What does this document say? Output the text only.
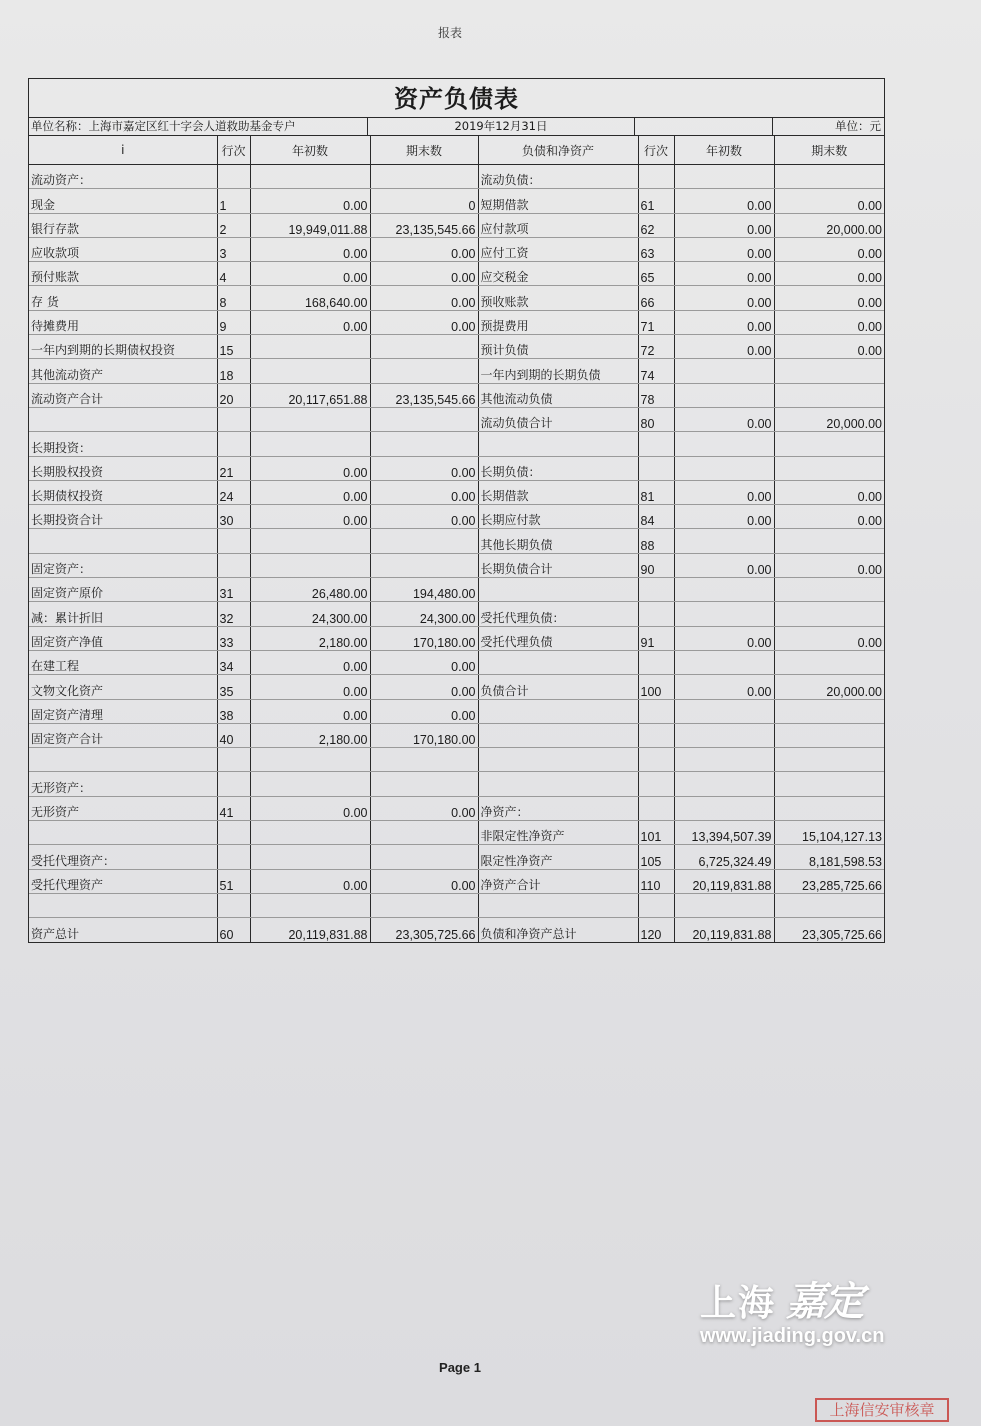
报表
资产负债表
单位名称：上海市嘉定区红十字会人道救助基金专户	2019年12月31日	单位：元
i	行次	年初数	期末数	负债和净资产	行次	年初数	期末数
流动资产：				流动负债：			
现金	1	0.00	0	短期借款	61	0.00	0.00
银行存款	2	19,949,011.88	23,135,545.66	应付款项	62	0.00	20,000.00
应收款项	3	0.00	0.00	应付工资	63	0.00	0.00
预付账款	4	0.00	0.00	应交税金	65	0.00	0.00
存 货	8	168,640.00	0.00	预收账款	66	0.00	0.00
待摊费用	9	0.00	0.00	预提费用	71	0.00	0.00
一年内到期的长期债权投资	15			预计负债	72	0.00	0.00
其他流动资产	18			一年内到期的长期负债	74		
流动资产合计	20	20,117,651.88	23,135,545.66	其他流动负债	78		
				流动负债合计	80	0.00	20,000.00
长期投资：							
长期股权投资	21	0.00	0.00	长期负债：			
长期债权投资	24	0.00	0.00	长期借款	81	0.00	0.00
长期投资合计	30	0.00	0.00	长期应付款	84	0.00	0.00
				其他长期负债	88		
固定资产：				长期负债合计	90	0.00	0.00
固定资产原价	31	26,480.00	194,480.00				
减：累计折旧	32	24,300.00	24,300.00	受托代理负债：			
固定资产净值	33	2,180.00	170,180.00	受托代理负债	91	0.00	0.00
在建工程	34	0.00	0.00				
文物文化资产	35	0.00	0.00	负债合计	100	0.00	20,000.00
固定资产清理	38	0.00	0.00				
固定资产合计	40	2,180.00	170,180.00				

无形资产：							
无形资产	41	0.00	0.00	净资产：			
				非限定性净资产	101	13,394,507.39	15,104,127.13
受托代理资产：				限定性净资产	105	6,725,324.49	8,181,598.53
受托代理资产	51	0.00	0.00	净资产合计	110	20,119,831.88	23,285,725.66

资产总计	60	20,119,831.88	23,305,725.66	负债和净资产总计	120	20,119,831.88	23,305,725.66
Page 1
上海 嘉定
www.jiading.gov.cn
上海信安审核章
